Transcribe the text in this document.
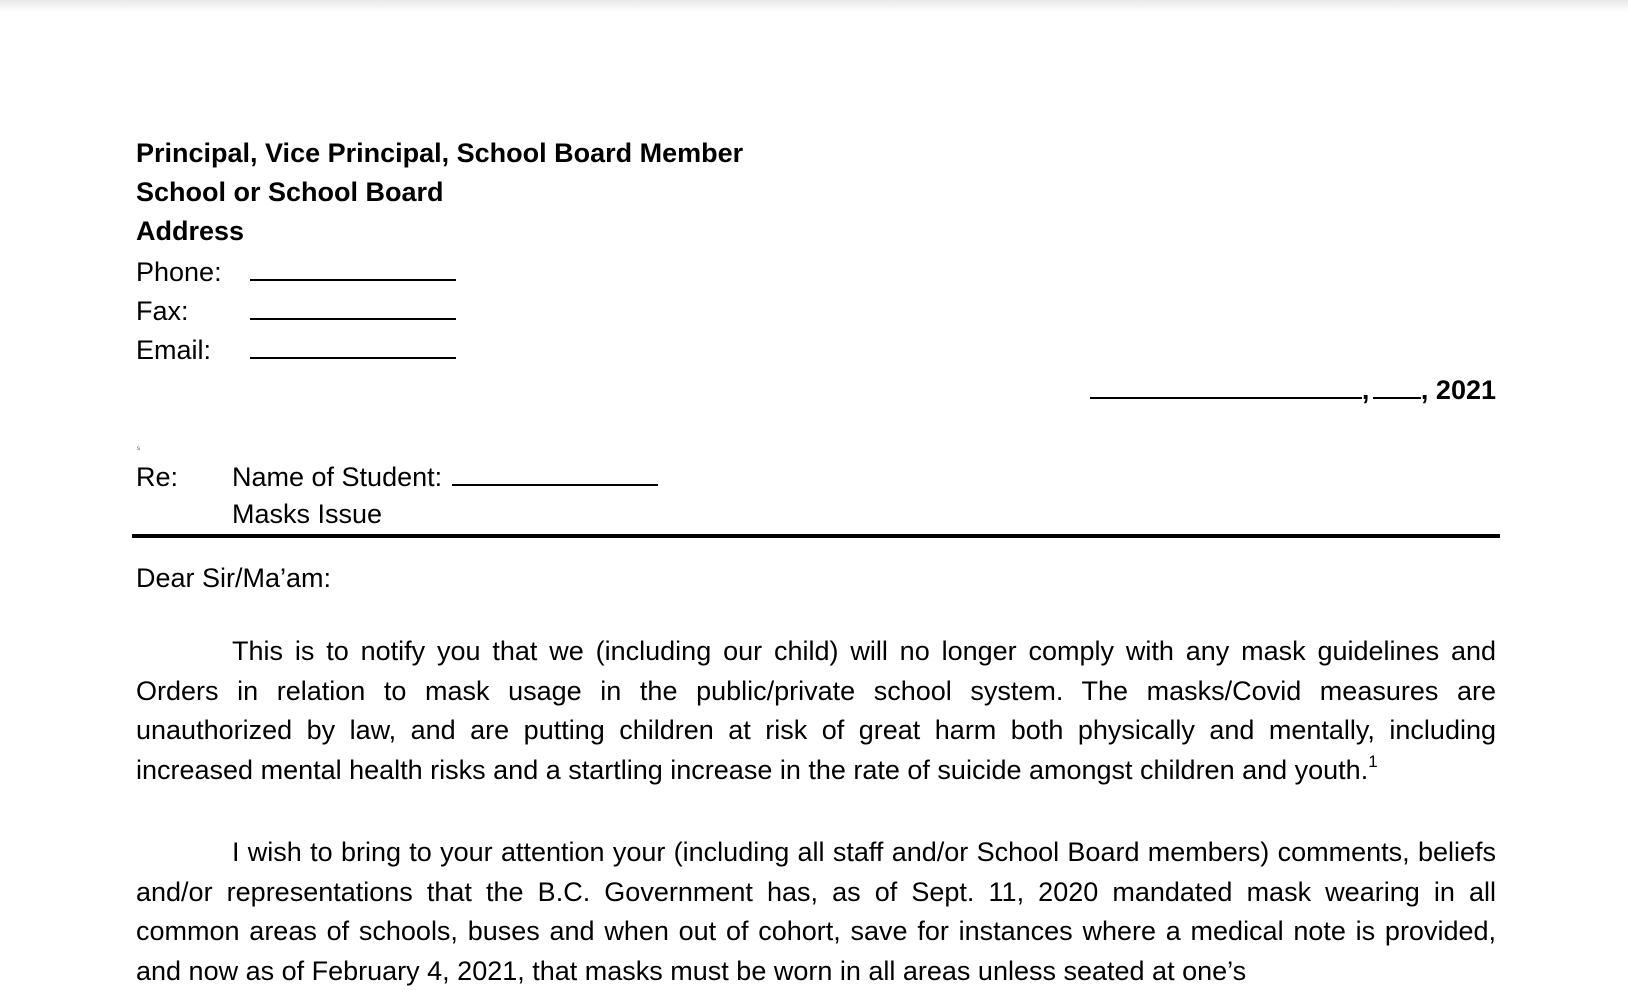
Principal, Vice Principal, School Board Member
School or School Board
Address
Phone:
Fax:
Email:
, , 2021
s
Re: Name of Student:
Masks Issue
Dear Sir/Ma’am:
This is to notify you that we (including our child) will no longer comply with any mask guidelines and Orders in relation to mask usage in the public/private school system. The masks/Covid measures are unauthorized by law, and are putting children at risk of great harm both physically and mentally, including increased mental health risks and a startling increase in the rate of suicide amongst children and youth.$^1$
I wish to bring to your attention your (including all staff and/or School Board members) comments, beliefs and/or representations that the B.C. Government has, as of Sept. 11, 2020 mandated mask wearing in all common areas of schools, buses and when out of cohort, save for instances where a medical note is provided, and now as of February 4, 2021, that masks must be worn in all areas unless seated at one’s
